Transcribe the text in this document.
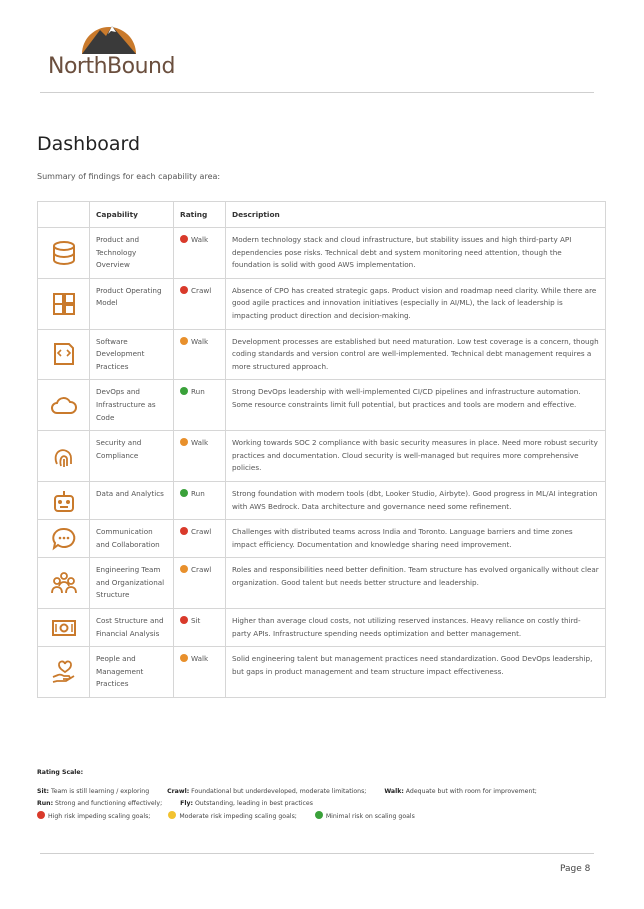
NorthBound
Dashboard
Summary of findings for each capability area:
	Capability	Rating	Description

	Product and Technology Overview	Walk	Modern technology stack and cloud infrastructure, but stability issues and high third-party API dependencies pose risks. Technical debt and system monitoring need attention, though the foundation is solid with good AWS implementation.

	Product Operating Model	Crawl	Absence of CPO has created strategic gaps. Product vision and roadmap need clarity. While there are good agile practices and innovation initiatives (especially in AI/ML), the lack of leadership is impacting product direction and decision-making.

	Software Development Practices	Walk	Development processes are established but need maturation. Low test coverage is a concern, though coding standards and version control are well-implemented. Technical debt management requires a more structured approach.

	DevOps and Infrastructure as Code	Run	Strong DevOps leadership with well-implemented CI/CD pipelines and infrastructure automation. Some resource constraints limit full potential, but practices and tools are modern and effective.

	Security and Compliance	Walk	Working towards SOC 2 compliance with basic security measures in place. Need more robust security practices and documentation. Cloud security is well-managed but requires more comprehensive policies.

	Data and Analytics	Run	Strong foundation with modern tools (dbt, Looker Studio, Airbyte). Good progress in ML/AI integration with AWS Bedrock. Data architecture and governance need some refinement.

	Communication and Collaboration	Crawl	Challenges with distributed teams across India and Toronto. Language barriers and time zones impact efficiency. Documentation and knowledge sharing need improvement.

	Engineering Team and Organizational Structure	Crawl	Roles and responsibilities need better definition. Team structure has evolved organically without clear organization. Good talent but needs better structure and leadership.

	Cost Structure and Financial Analysis	Sit	Higher than average cloud costs, not utilizing reserved instances. Heavy reliance on costly third-party APIs. Infrastructure spending needs optimization and better management.

	People and Management Practices	Walk	Solid engineering talent but management practices need standardization. Good DevOps leadership, but gaps in product management and team structure impact effectiveness.
Rating Scale:
Sit: Team is still learning / exploring	Crawl: Foundational but underdeveloped, moderate limitations;	Walk: Adequate but with room for improvement;
Run: Strong and functioning effectively;	Fly: Outstanding, leading in best practices
High risk impeding scaling goals;	Moderate risk impeding scaling goals;	Minimal risk on scaling goals
Page 8
